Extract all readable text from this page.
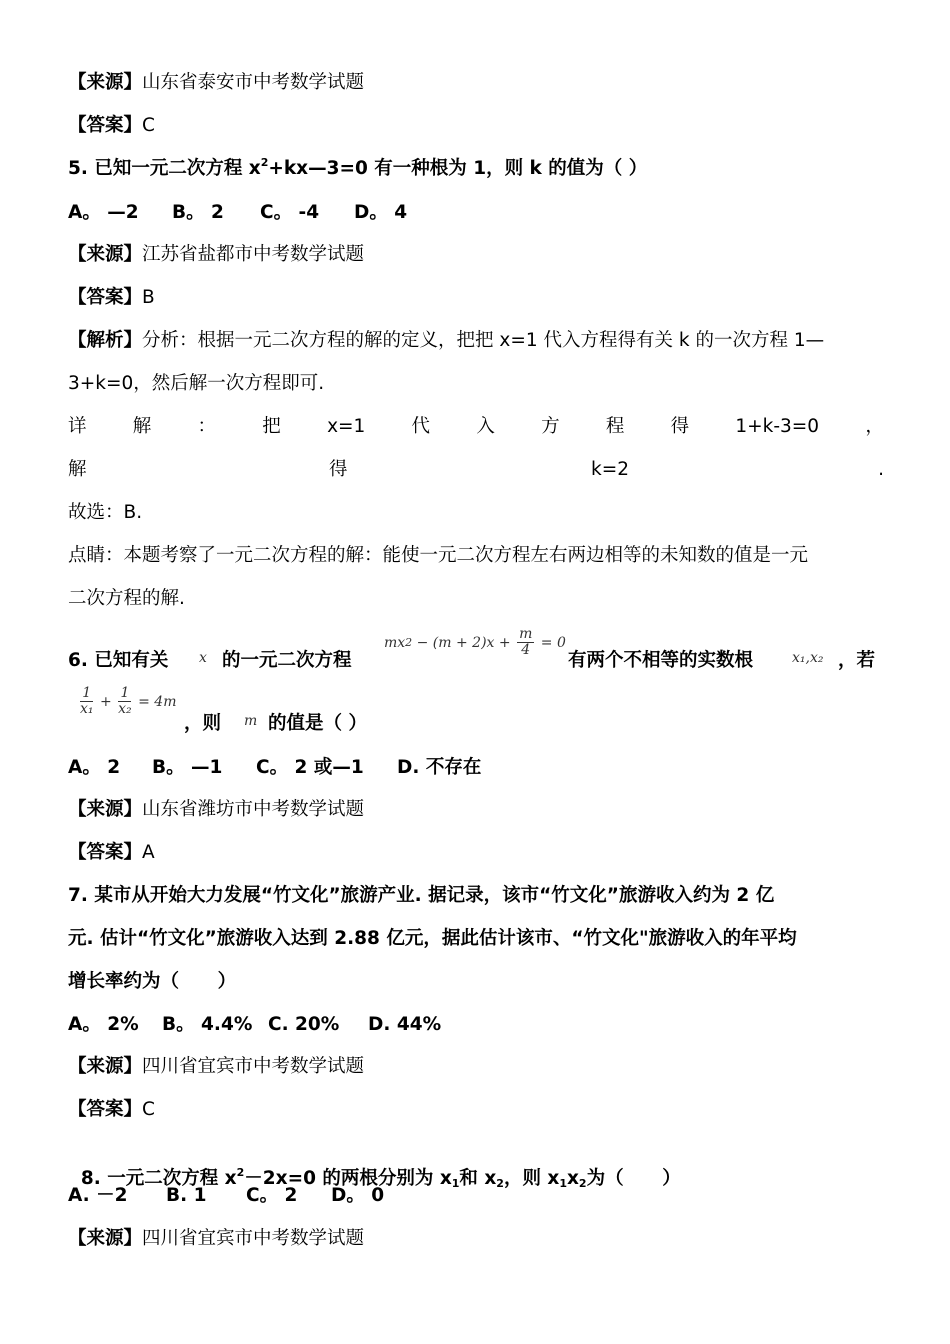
【来源】山东省泰安市中考数学试题
【答案】C
5. 已知一元二次方程 $x^2+kx—3=0$ 有一种根为 1，则 k 的值为（ ）
A。 —2 B。 2 C。 -4 D。 4
【来源】江苏省盐都市中考数学试题
【答案】B
【解析】分析：根据一元二次方程的解的定义，把把 x=1 代入方程得有关 k 的一次方程 1—
3+k=0，然后解一次方程即可.
详	解	：	把	x=1	代	入	方	程	得	1+k-3=0	，
解	得	k=2	.
故选：B.
点睛：本题考察了一元二次方程的解：能使一元二次方程左右两边相等的未知数的值是一元
二次方程的解.
6. 已知有关 x 的一元二次方程
mx $2 - (m + 2)x + \frac{m}{4} = 0$
有两个不相等的实数根	x₁,x₂ ，若
$\frac{1}{\text{x₁}} + \frac{1}{\text{x₂}} = 4m$
，则 m 的值是（ ）
A。 2 B。 —1 C。 2 或—1 D. 不存在
【来源】山东省潍坊市中考数学试题
【答案】A
7. 某市从开始大力发展“竹文化”旅游产业. 据记录，该市“竹文化”旅游收入约为 2 亿
元. 估计“竹文化”旅游收入达到 2.88 亿元，据此估计该市、“竹文化"旅游收入的年平均
增长率约为（      ）
A。 2% B。 4.4% C. 20% D. 44%
【来源】四川省宜宾市中考数学试题
【答案】C

8. 一元二次方程 $x^2-2x=0$ 的两根分别为 $x_1$和 $x_2$，则 $x_1x_2$为（      ）

A. －2 B. 1 C。 2 D。 0
【来源】四川省宜宾市中考数学试题
